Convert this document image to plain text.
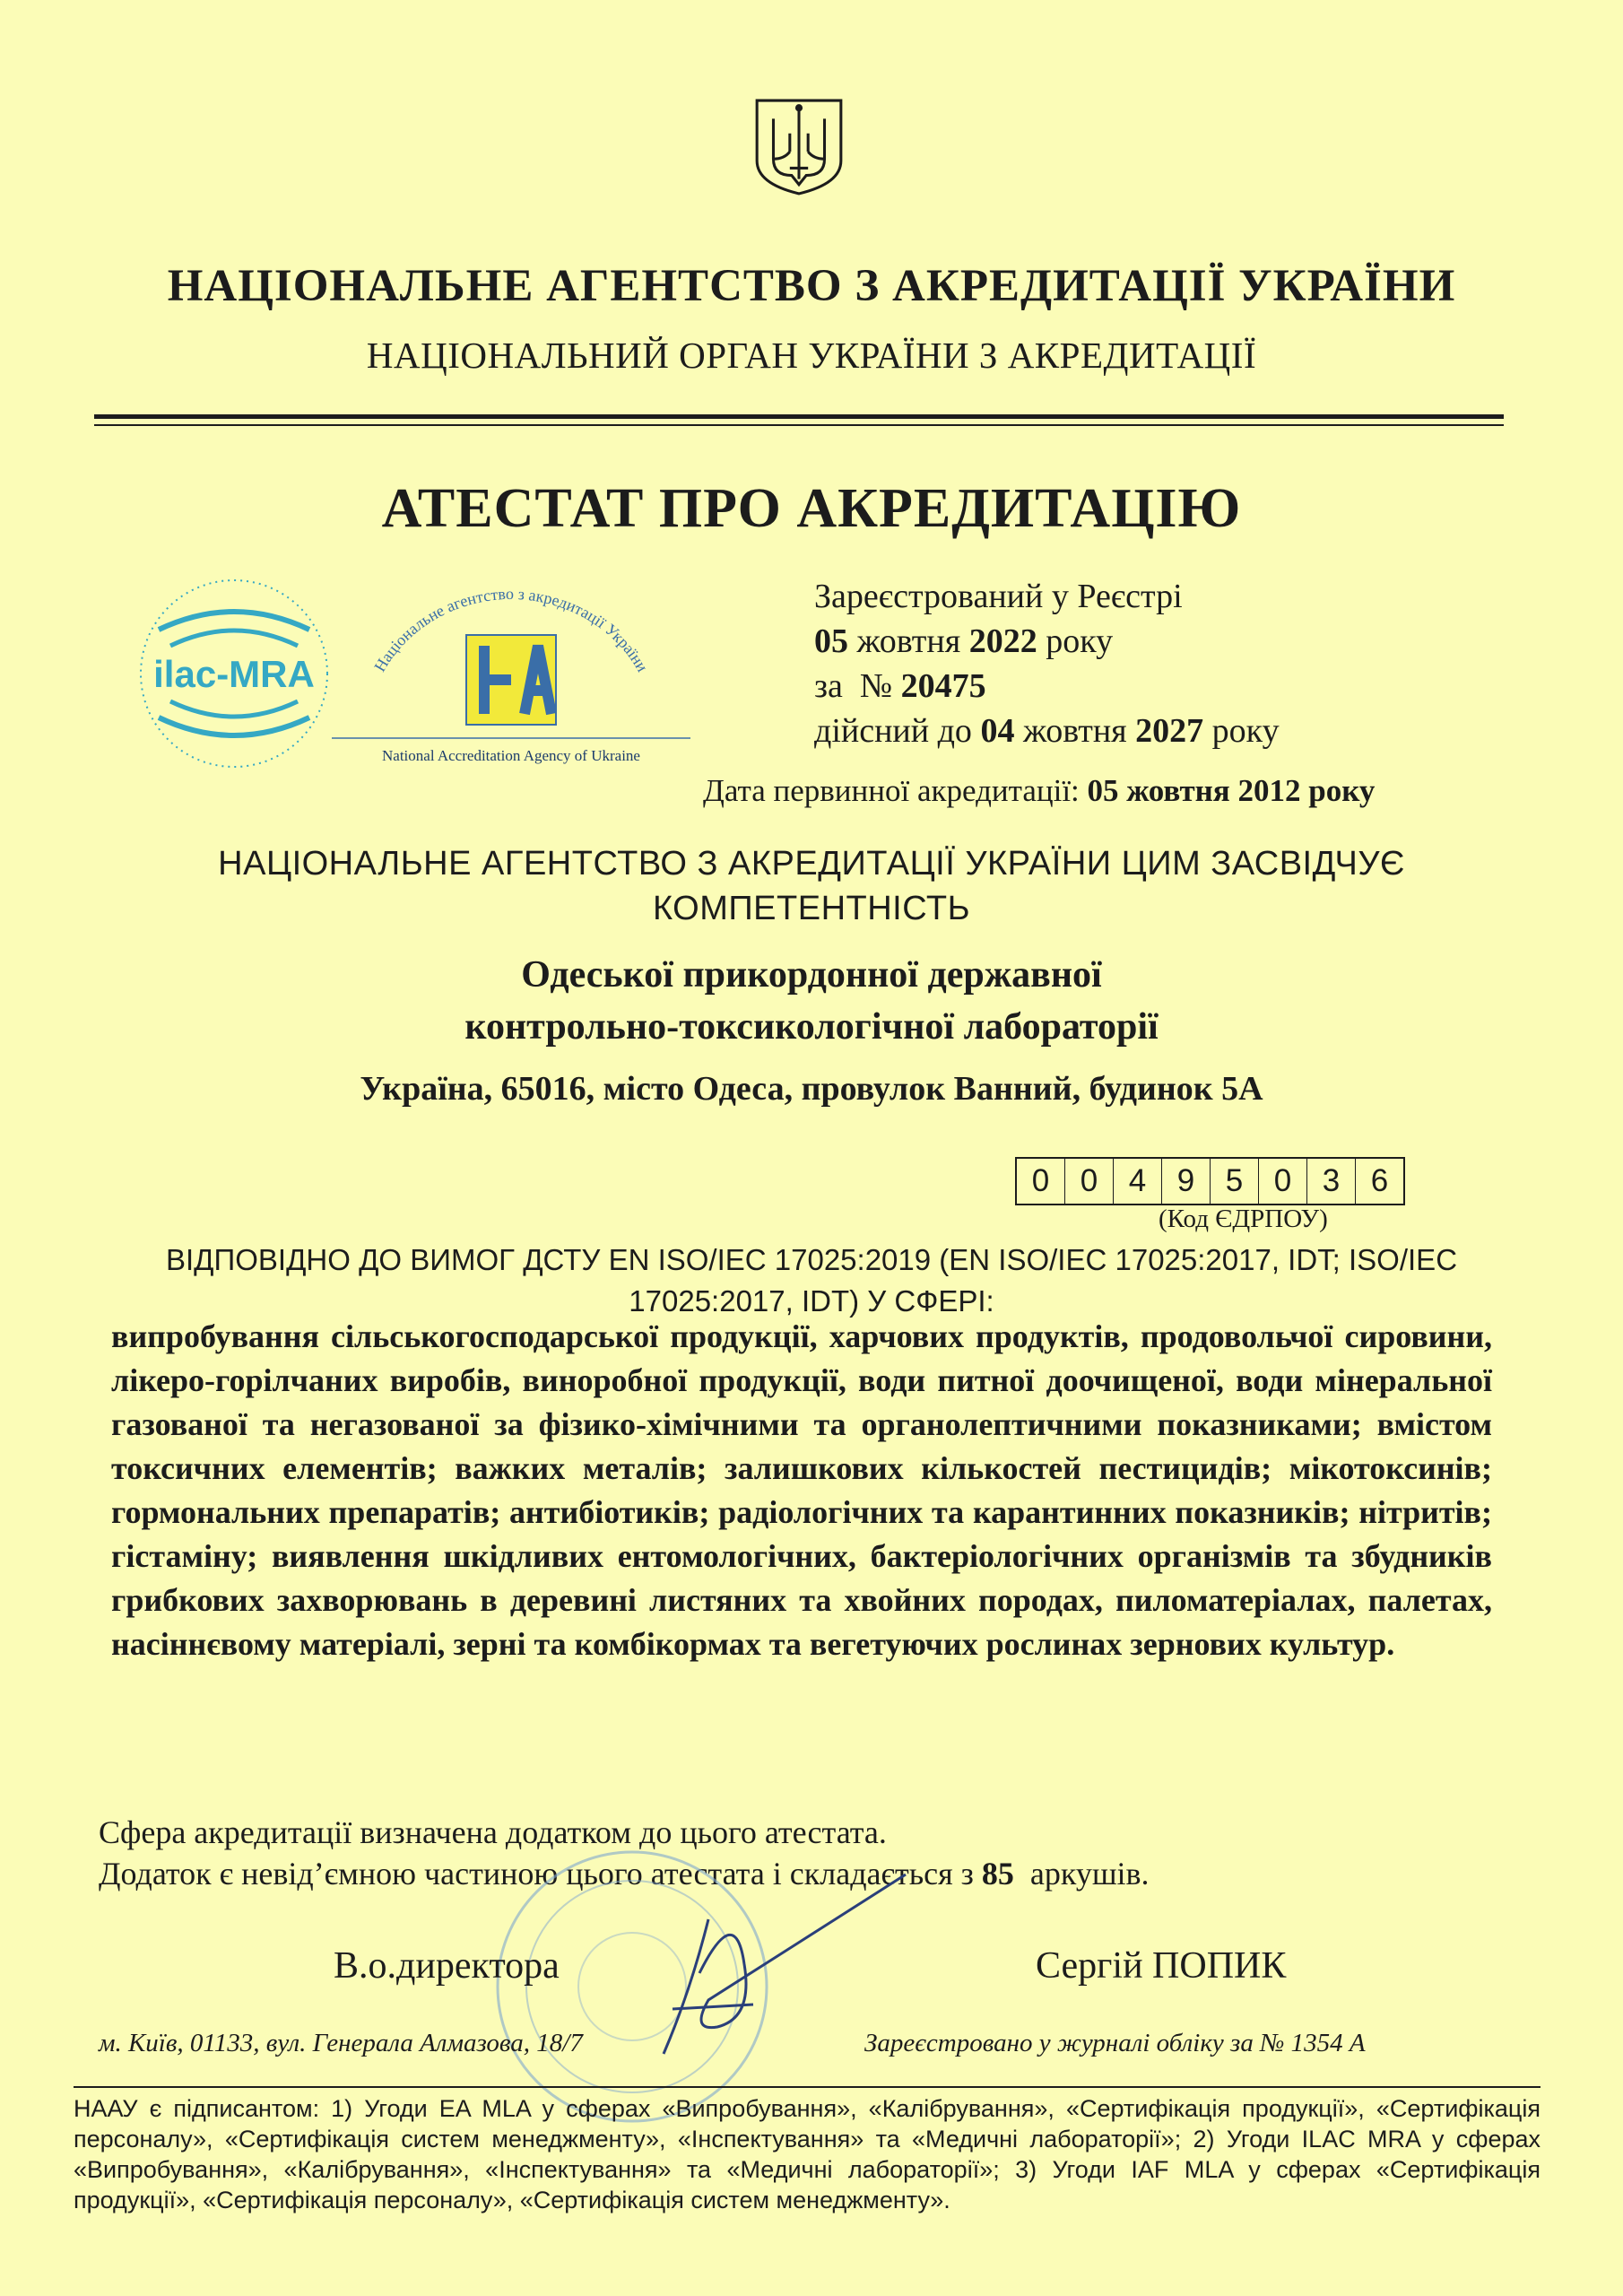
НАЦІОНАЛЬНЕ АГЕНТСТВО З АКРЕДИТАЦІЇ УКРАЇНИ
НАЦІОНАЛЬНИЙ ОРГАН УКРАЇНИ З АКРЕДИТАЦІЇ
АТЕСТАТ ПРО АКРЕДИТАЦІЮ
ilac-MRA	Національне агентство з акредитації України
National Accreditation Agency of Ukraine
Зареєстрований у Реєстрі
05 жовтня 2022 року
за  № 20475
дійсний до 04 жовтня 2027 року
Дата первинної акредитації: 05 жовтня 2012 року
НАЦІОНАЛЬНЕ АГЕНТСТВО З АКРЕДИТАЦІЇ УКРАЇНИ ЦИМ ЗАСВІДЧУЄ КОМПЕТЕНТНІСТЬ
Одеської прикордонної державної
контрольно-токсикологічної лабораторії
Україна, 65016, місто Одеса, провулок Ванний, будинок 5А
0 0 4 9 5 0 3 6
(Код ЄДРПОУ)
ВІДПОВІДНО ДО ВИМОГ ДСТУ EN ISO/IEC 17025:2019 (EN ISO/IEC 17025:2017, IDT; ISO/IEC 17025:2017, IDT) У СФЕРІ:
випробування сільськогосподарської продукції, харчових продуктів, продовольчої сировини, лікеро-горілчаних виробів, виноробної продукції, води питної доочищеної, води мінеральної газованої та негазованої за фізико-хімічними та органолептичними показниками; вмістом токсичних елементів; важких металів; залишкових кількостей пестицидів; мікотоксинів; гормональних препаратів; антибіотиків; радіологічних та карантинних показників; нітритів; гістаміну; виявлення шкідливих ентомологічних, бактеріологічних організмів та збудників грибкових захворювань в деревині листяних та хвойних породах, пиломатеріалах, палетах, насіннєвому матеріалі, зерні та комбікормах та вегетуючих рослинах зернових культур.
Сфера акредитації визначена додатком до цього атестата.
Додаток є невід’ємною частиною цього атестата і складається з 85  аркушів.
В.о.директора	Сергій ПОПИК
м. Київ, 01133, вул. Генерала Алмазова, 18/7	Зареєстровано у журналі обліку за № 1354 А
НААУ є підписантом: 1) Угоди EA MLA у сферах «Випробування», «Калібрування», «Сертифікація продукції», «Сертифікація персоналу», «Сертифікація систем менеджменту», «Інспектування» та «Медичні лабораторії»; 2) Угоди ILAC MRA у сферах «Випробування», «Калібрування», «Інспектування» та «Медичні лабораторії»; 3) Угоди IAF MLA у сферах «Сертифікація продукції», «Сертифікація персоналу», «Сертифікація систем менеджменту».
